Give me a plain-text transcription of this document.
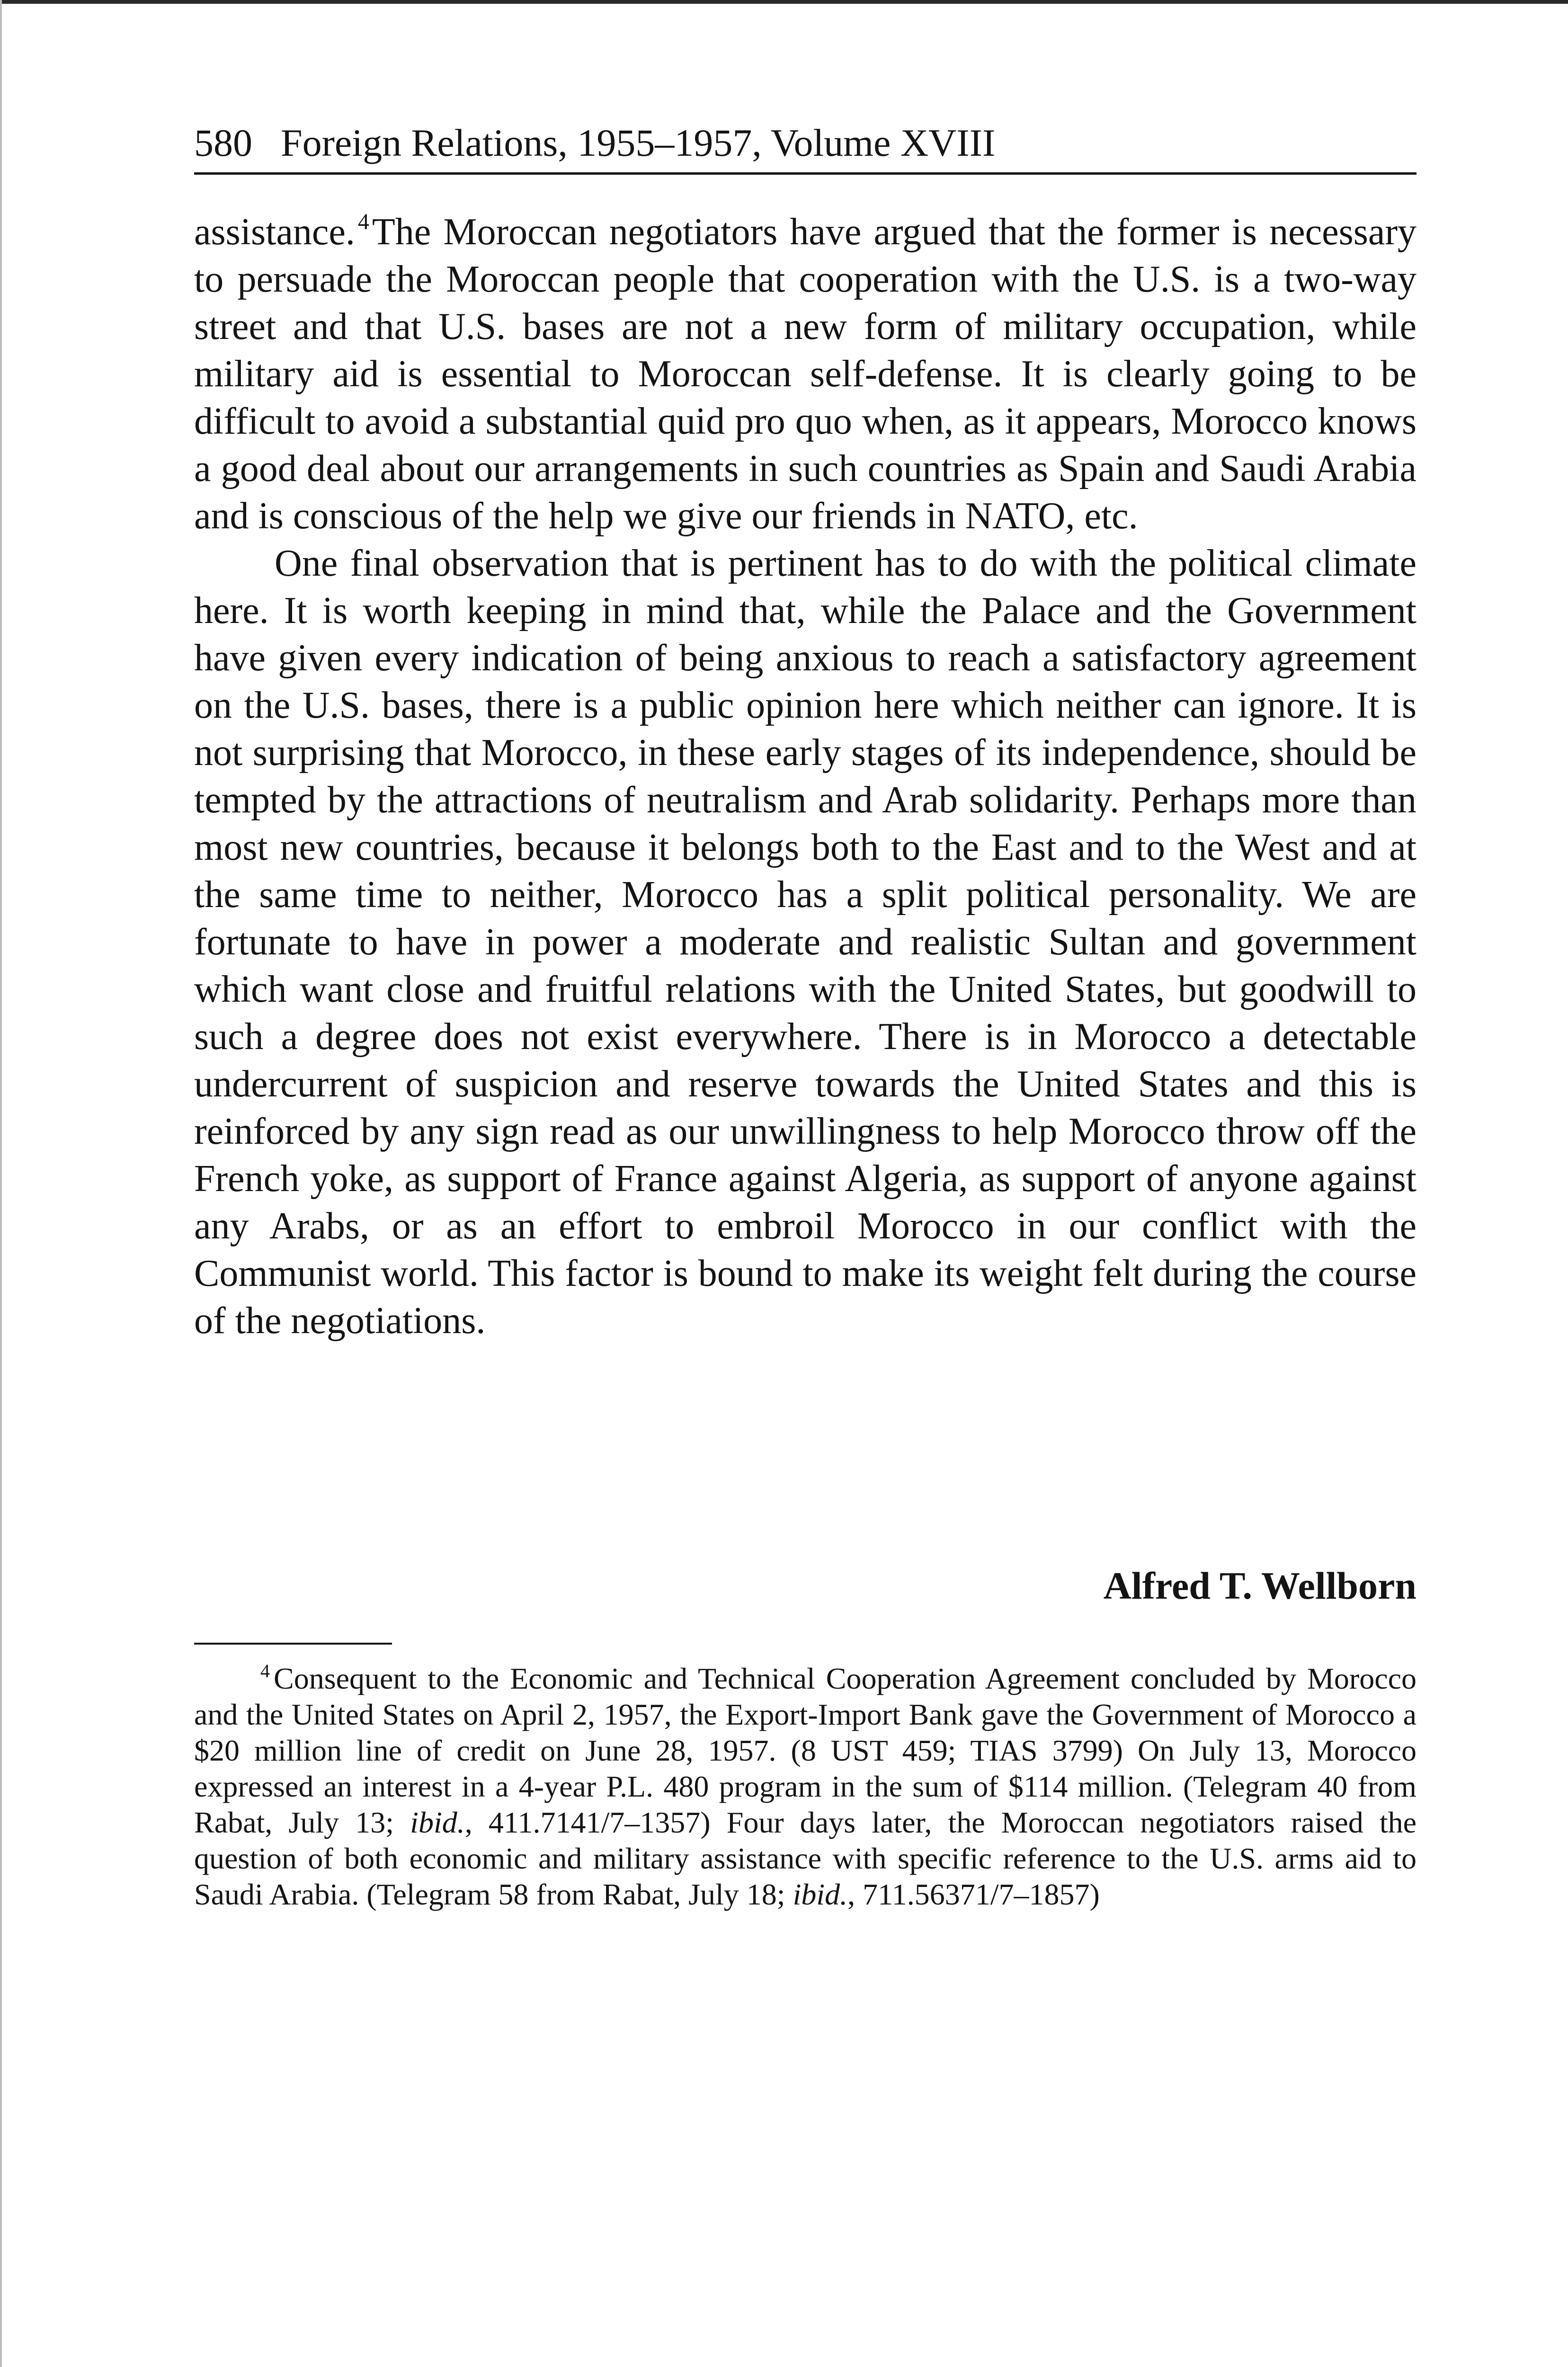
580 Foreign Relations, 1955–1957, Volume XVIII

assistance. $^4$The Moroccan negotiators have argued that the former is necessary to persuade the Moroccan people that cooperation with the U.S. is a two-way street and that U.S. bases are not a new form of military occupation, while military aid is essential to Moroccan self-defense. It is clearly going to be difficult to avoid a substantial quid pro quo when, as it appears, Morocco knows a good deal about our arrangements in such countries as Spain and Saudi Arabia and is conscious of the help we give our friends in NATO, etc.

One final observation that is pertinent has to do with the political climate here. It is worth keeping in mind that, while the Palace and the Government have given every indication of being anxious to reach a satisfactory agreement on the U.S. bases, there is a public opinion here which neither can ignore. It is not surprising that Morocco, in these early stages of its independence, should be tempted by the attractions of neutralism and Arab solidarity. Perhaps more than most new countries, because it belongs both to the East and to the West and at the same time to neither, Morocco has a split political personality. We are fortunate to have in power a moderate and realistic Sultan and government which want close and fruitful relations with the United States, but goodwill to such a degree does not exist everywhere. There is in Morocco a detectable undercurrent of suspicion and reserve towards the United States and this is reinforced by any sign read as our unwillingness to help Morocco throw off the French yoke, as support of France against Algeria, as support of anyone against any Arabs, or as an effort to embroil Morocco in our conflict with the Communist world. This factor is bound to make its weight felt during the course of the negotiations.

Alfred T. Wellborn
$^4$ Consequent to the Economic and Technical Cooperation Agreement concluded by Morocco and the United States on April 2, 1957, the Export-Import Bank gave the Government of Morocco a $20 million line of credit on June 28, 1957. (8 UST 459; TIAS 3799) On July 13, Morocco expressed an interest in a 4-year P.L. 480 program in the sum of $114 million. (Telegram 40 from Rabat, July 13; ibid., 411.7141/7–1357) Four days later, the Moroccan negotiators raised the question of both economic and military assistance with specific reference to the U.S. arms aid to Saudi Arabia. (Telegram 58 from Rabat, July 18; ibid., 711.56371/7–1857)
